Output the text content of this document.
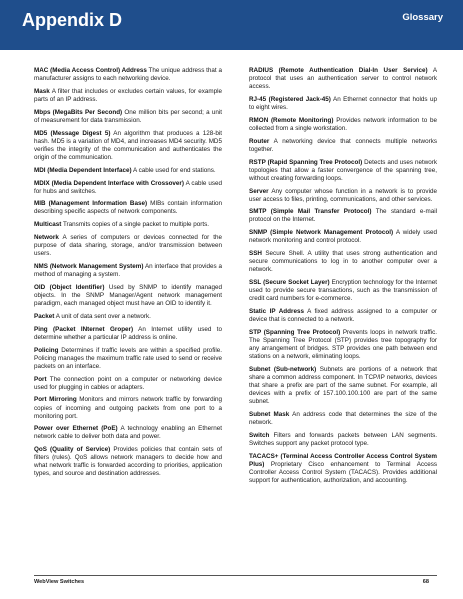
Appendix D	Glossary

MAC (Media Access Control) Address The unique address that a manufacturer assigns to each networking device.

Mask A filter that includes or excludes certain values, for example parts of an IP address.

Mbps (MegaBits Per Second) One million bits per second; a unit of measurement for data transmission.

MD5 (Message Digest 5) An algorithm that produces a 128-bit hash. MD5 is a variation of MD4, and increases MD4 security. MD5 verifies the integrity of the communication and authenticates the origin of the communication.

MDI (Media Dependent Interface) A cable used for end stations.

MDIX (Media Dependent Interface with Crossover) A cable used for hubs and switches.

MIB (Management Information Base) MIBs contain information describing specific aspects of network components.

Multicast Transmits copies of a single packet to multiple ports.

Network A series of computers or devices connected for the purpose of data sharing, storage, and/or transmission between users.

NMS (Network Management System) An interface that provides a method of managing a system.

OID (Object Identifier) Used by SNMP to identify managed objects. In the SNMP Manager/Agent network management paradigm, each managed object must have an OID to identify it.

Packet A unit of data sent over a network.

Ping (Packet INternet Groper) An Internet utility used to determine whether a particular IP address is online.

Policing Determines if traffic levels are within a specified profile. Policing manages the maximum traffic rate used to send or receive packets on an interface.

Port The connection point on a computer or networking device used for plugging in cables or adapters.

Port Mirroring Monitors and mirrors network traffic by forwarding copies of incoming and outgoing packets from one port to a monitoring port.

Power over Ethernet (PoE) A technology enabling an Ethernet network cable to deliver both data and power.

QoS (Quality of Service) Provides policies that contain sets of filters (rules). QoS allows network managers to decide how and what network traffic is forwarded according to priorities, application types, and source and destination addresses.

RADIUS (Remote Authentication Dial-In User Service) A protocol that uses an authentication server to control network access.

RJ-45 (Registered Jack-45) An Ethernet connector that holds up to eight wires.

RMON (Remote Monitoring) Provides network information to be collected from a single workstation.

Router A networking device that connects multiple networks together.

RSTP (Rapid Spanning Tree Protocol) Detects and uses network topologies that allow a faster convergence of the spanning tree, without creating forwarding loops.

Server Any computer whose function in a network is to provide user access to files, printing, communications, and other services.

SMTP (Simple Mail Transfer Protocol) The standard e-mail protocol on the Internet.

SNMP (Simple Network Management Protocol) A widely used network monitoring and control protocol.

SSH Secure Shell. A utility that uses strong authentication and secure communications to log in to another computer over a network.

SSL (Secure Socket Layer) Encryption technology for the Internet used to provide secure transactions, such as the transmission of credit card numbers for e-commerce.

Static IP Address A fixed address assigned to a computer or device that is connected to a network.

STP (Spanning Tree Protocol) Prevents loops in network traffic. The Spanning Tree Protocol (STP) provides tree topography for any arrangement of bridges. STP provides one path between end stations on a network, eliminating loops.

Subnet (Sub-network) Subnets are portions of a network that share a common address component. In TCP/IP networks, devices that share a prefix are part of the same subnet. For example, all devices with a prefix of 157.100.100.100 are part of the same subnet.

Subnet Mask An address code that determines the size of the network.

Switch Filters and forwards packets between LAN segments. Switches support any packet protocol type.

TACACS+ (Terminal Access Controller Access Control System Plus) Proprietary Cisco enhancement to Terminal Access Controller Access Control System (TACACS). Provides additional support for authentication, authorization, and accounting.

WebView Switches	68
